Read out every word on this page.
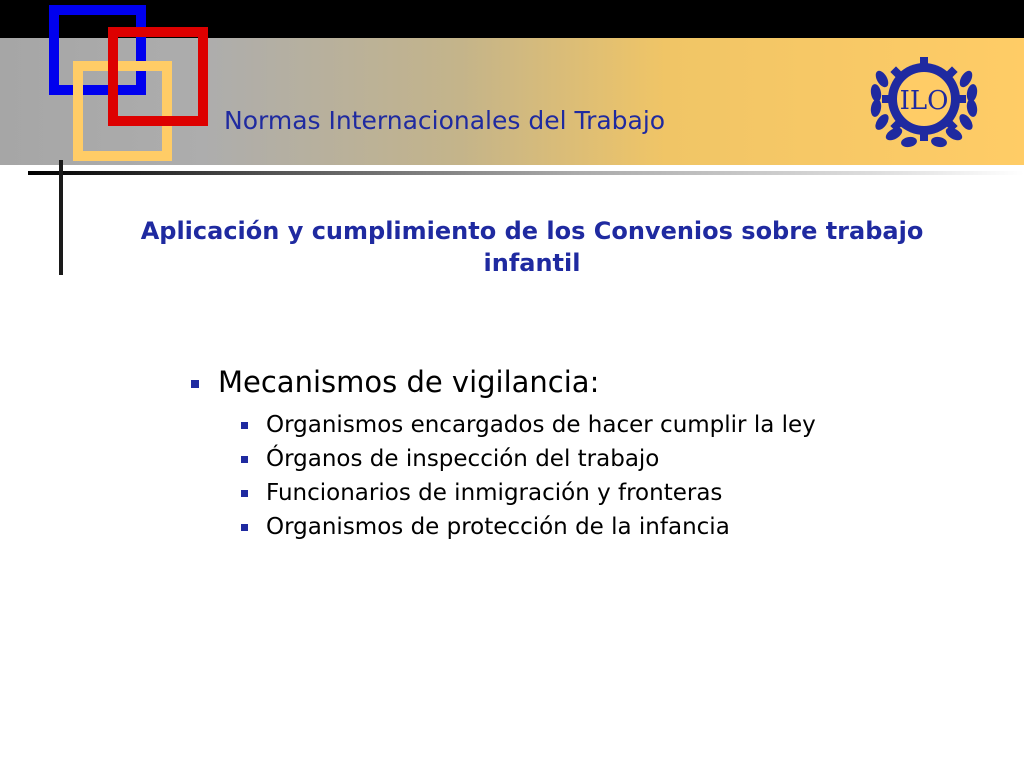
Normas Internacionales del Trabajo
ILO
Aplicación y cumplimiento de los Convenios sobre trabajo infantil
Mecanismos de vigilancia:
Organismos encargados de hacer cumplir la ley
Órganos de inspección del trabajo
Funcionarios de inmigración y fronteras
Organismos de protección de la infancia
